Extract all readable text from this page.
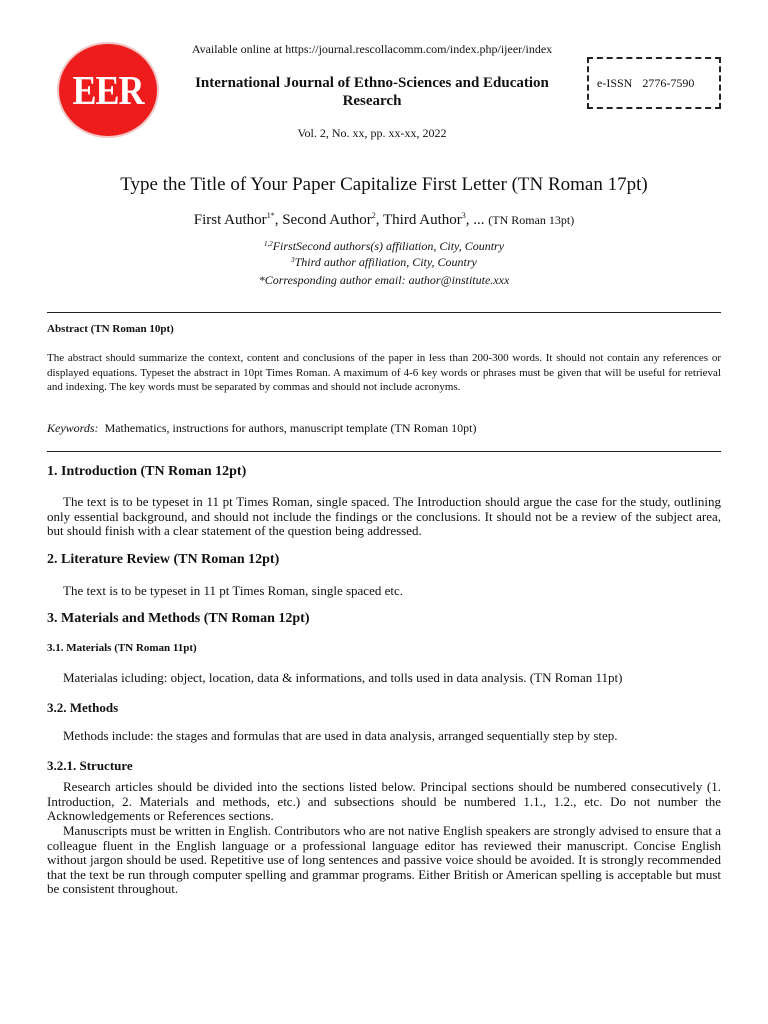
EER
Available online at https://journal.rescollacomm.com/index.php/ijeer/index
International Journal of Ethno-Sciences and Education Research
Vol. 2, No. xx, pp. xx-xx, 2022
e-ISSN 2776-7590
Type the Title of Your Paper Capitalize First Letter (TN Roman 17pt)
First Author$^{1*}$, Second Author$^2$, Third Author$^3$, ... (TN Roman 13pt)
$^{1,2}$FirstSecond authors(s) affiliation, City, Country
$^3$Third author affiliation, City, Country
*Corresponding author email: author@institute.xxx
Abstract (TN Roman 10pt)
The abstract should summarize the context, content and conclusions of the paper in less than 200-300 words. It should not contain any references or displayed equations. Typeset the abstract in 10pt Times Roman. A maximum of 4-6 key words or phrases must be given that will be useful for retrieval and indexing. The key words must be separated by commas and should not include acronyms.
Keywords: Mathematics, instructions for authors, manuscript template (TN Roman 10pt)
1. Introduction (TN Roman 12pt)
The text is to be typeset in 11 pt Times Roman, single spaced. The Introduction should argue the case for the study, outlining only essential background, and should not include the findings or the conclusions. It should not be a review of the subject area, but should finish with a clear statement of the question being addressed.
2. Literature Review (TN Roman 12pt)
The text is to be typeset in 11 pt Times Roman, single spaced etc.
3. Materials and Methods (TN Roman 12pt)
3.1. Materials (TN Roman 11pt)
Materialas icluding: object, location, data & informations, and tolls used in data analysis. (TN Roman 11pt)
3.2. Methods
Methods include: the stages and formulas that are used in data analysis, arranged sequentially step by step.
3.2.1. Structure
Research articles should be divided into the sections listed below. Principal sections should be numbered consecutively (1. Introduction, 2. Materials and methods, etc.) and subsections should be numbered 1.1., 1.2., etc. Do not number the Acknowledgements or References sections.
Manuscripts must be written in English. Contributors who are not native English speakers are strongly advised to ensure that a colleague fluent in the English language or a professional language editor has reviewed their manuscript. Concise English without jargon should be used. Repetitive use of long sentences and passive voice should be avoided. It is strongly recommended that the text be run through computer spelling and grammar programs. Either British or American spelling is acceptable but must be consistent throughout.
